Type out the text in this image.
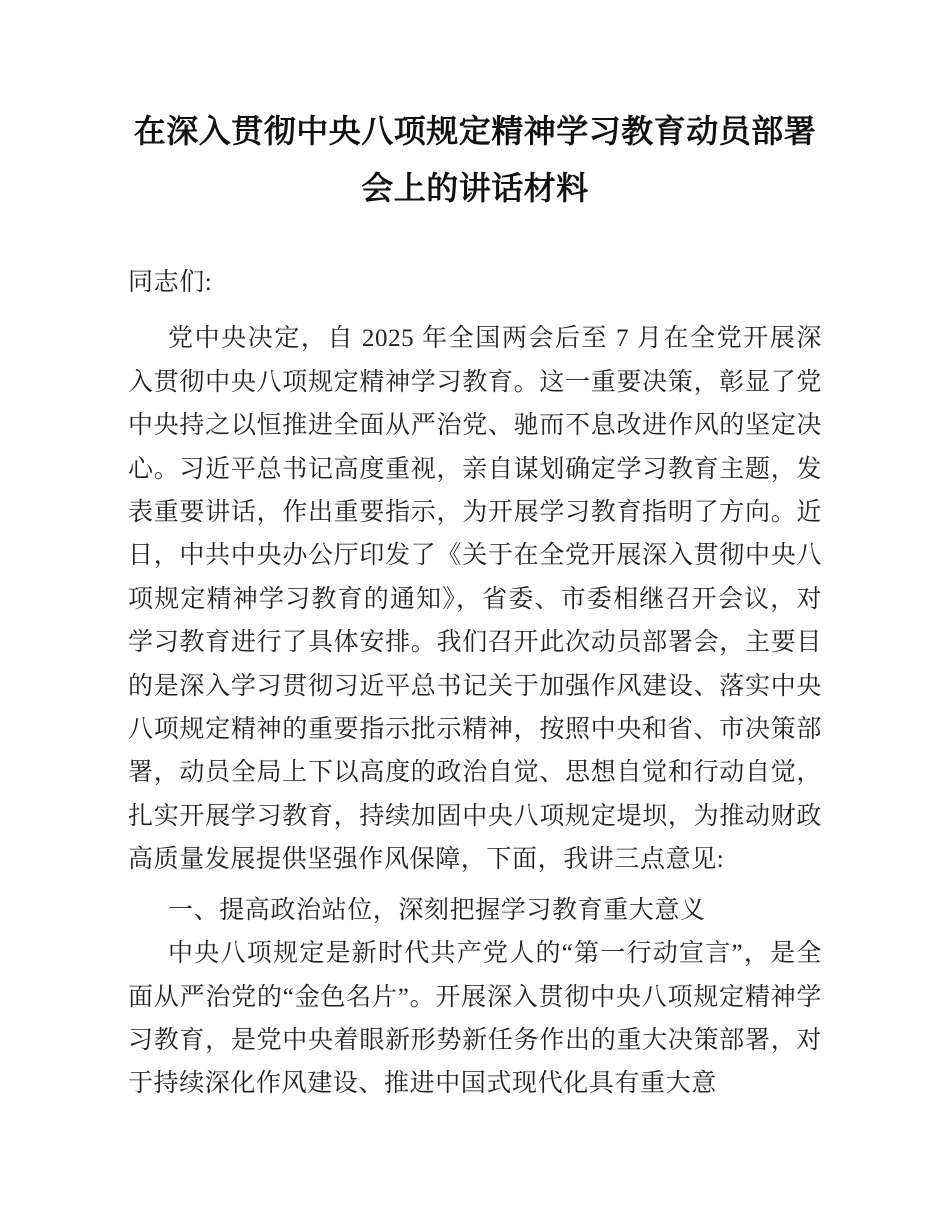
在深入贯彻中央八项规定精神学习教育动员部署会上的讲话材料

同志们:

党中央决定，自 2025 年全国两会后至 7 月在全党开展深入贯彻中央八项规定精神学习教育。这一重要决策，彰显了党中央持之以恒推进全面从严治党、驰而不息改进作风的坚定决心。习近平总书记高度重视，亲自谋划确定学习教育主题，发表重要讲话，作出重要指示，为开展学习教育指明了方向。近日，中共中央办公厅印发了《关于在全党开展深入贯彻中央八项规定精神学习教育的通知》，省委、市委相继召开会议，对学习教育进行了具体安排。我们召开此次动员部署会，主要目的是深入学习贯彻习近平总书记关于加强作风建设、落实中央八项规定精神的重要指示批示精神，按照中央和省、市决策部署，动员全局上下以高度的政治自觉、思想自觉和行动自觉，扎实开展学习教育，持续加固中央八项规定堤坝，为推动财政高质量发展提供坚强作风保障，下面，我讲三点意见:

一、提高政治站位，深刻把握学习教育重大意义

中央八项规定是新时代共产党人的“第一行动宣言”，是全面从严治党的“金色名片”。开展深入贯彻中央八项规定精神学习教育，是党中央着眼新形势新任务作出的重大决策部署，对于持续深化作风建设、推进中国式现代化具有重大意
